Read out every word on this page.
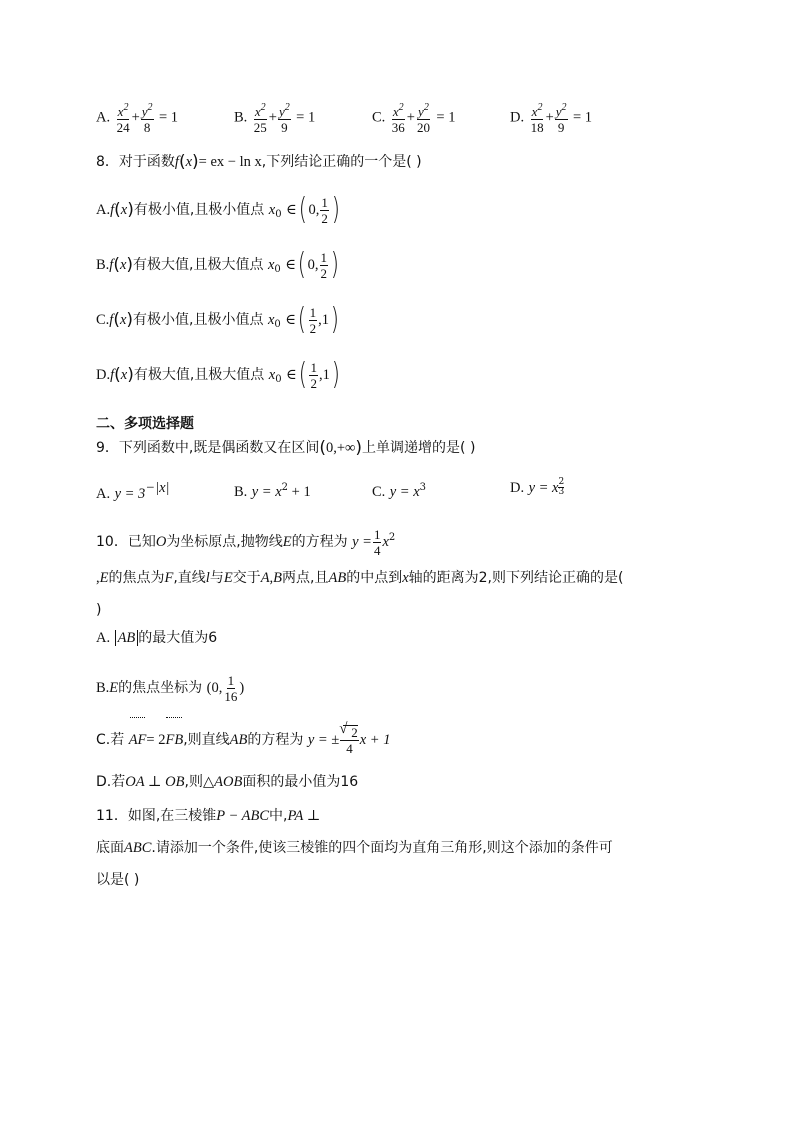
A. $\frac{x^2}{24} + \frac{y^2}{8} = 1$	B. $\frac{x^2}{25} + \frac{y^2}{9} = 1$	C. $\frac{x^2}{36} + \frac{y^2}{20} = 1$	D. $\frac{x^2}{18} + \frac{y^2}{9} = 1$
8．对于函数f(x)= ex − ln x,下列结论正确的一个是( )
A.f(x)有极小值,且极小值点 $x_0$ ∈( 0, $\frac{1}{2}$ )
B.f(x)有极大值,且极大值点 $x_0$ ∈( 0, $\frac{1}{2}$ )
C.f(x)有极小值,且极小值点 $x_0$ ∈( $\frac{1}{2} ,1$)
D.f(x)有极大值,且极大值点 $x_0$ ∈( $\frac{1}{2} ,1$)
二、多项选择题
9．下列函数中,既是偶函数又在区间(0,+∞)上单调递增的是( )
A. $y = 3^{-|x|}$	B. $y = x^2 + 1$	C. $y = x^3$	D. y = x $\frac{2}{3}$
10．已知O为坐标原点,抛物线E的方程为 $y = \frac{1}{4} x^2$
,E的焦点为F,直线l与E交于A,B两点,且AB的中点到x轴的距离为2,则下列结论正确的是(
)
A. AB 的最大值为6
B.E的焦点坐标为 (0, $\frac{1}{16}$ )
C.若 AF= 2FB,则直线AB的方程为 y = ±
√ $\frac{2}{4}$ x + 1
D.若OA ⊥ OB,则△AOB面积的最小值为16
11．如图,在三棱锥P − ABC中,PA ⊥
底面ABC.请添加一个条件,使该三棱锥的四个面均为直角三角形,则这个添加的条件可
以是( )
